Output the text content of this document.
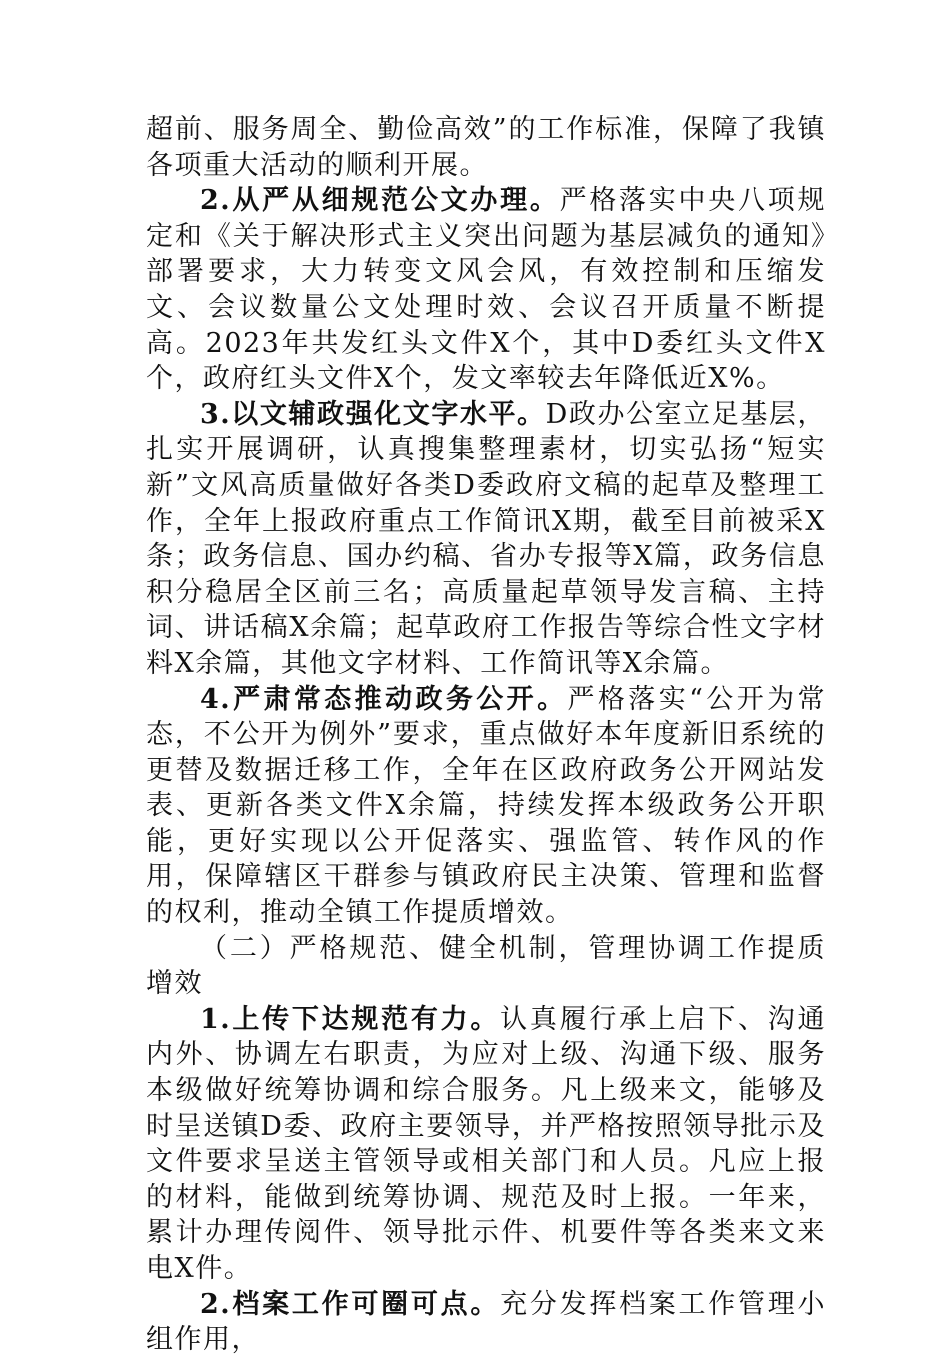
超前、服务周全、勤俭高效”的工作标准，保障了我镇各项重大活动的顺利开展。

2.从严从细规范公文办理。严格落实中央八项规定和《关于解决形式主义突出问题为基层减负的通知》部署要求，大力转变文风会风，有效控制和压缩发文、会议数量公文处理时效、会议召开质量不断提高。2023年共发红头文件X个，其中D委红头文件X个，政府红头文件X个，发文率较去年降低近X%。

3.以文辅政强化文字水平。D政办公室立足基层，扎实开展调研，认真搜集整理素材，切实弘扬“短实新”文风高质量做好各类D委政府文稿的起草及整理工作，全年上报政府重点工作简讯X期，截至目前被采X条；政务信息、国办约稿、省办专报等X篇，政务信息积分稳居全区前三名；高质量起草领导发言稿、主持词、讲话稿X余篇；起草政府工作报告等综合性文字材料X余篇，其他文字材料、工作简讯等X余篇。

4.严肃常态推动政务公开。严格落实“公开为常态，不公开为例外”要求，重点做好本年度新旧系统的更替及数据迁移工作，全年在区政府政务公开网站发表、更新各类文件X余篇，持续发挥本级政务公开职能，更好实现以公开促落实、强监管、转作风的作用，保障辖区干群参与镇政府民主决策、管理和监督的权利，推动全镇工作提质增效。

（二）严格规范、健全机制，管理协调工作提质增效

1.上传下达规范有力。认真履行承上启下、沟通内外、协调左右职责，为应对上级、沟通下级、服务本级做好统筹协调和综合服务。凡上级来文，能够及时呈送镇D委、政府主要领导，并严格按照领导批示及文件要求呈送主管领导或相关部门和人员。凡应上报的材料，能做到统筹协调、规范及时上报。一年来，累计办理传阅件、领导批示件、机要件等各类来文来电X件。

2.档案工作可圈可点。充分发挥档案工作管理小组作用，
